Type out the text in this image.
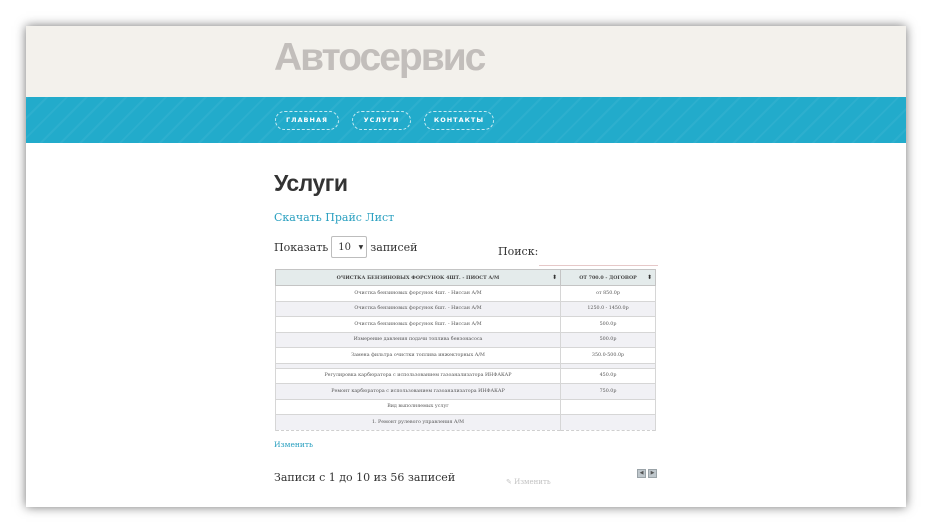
Автосервис
ГЛАВНАЯ	УСЛУГИ	КОНТАКТЫ
Услуги
Скачать Прайс Лист
Показать	10 ▼ записей	Поиск:
ОЧИСТКА БЕНЗИНОВЫХ ФОРСУНОК 4ШТ. - ПИОСТ А/М ⬍	ОТ 700.0 - ДОГОВОР ⬍

Очистка бензиновых форсунок 4шт. - Ниссан А/М	от 850.0р
Очистка бензиновых форсунок 6шт. - Ниссан А/М	1250.0 - 1450.0р
Очистка бензиновых форсунок 8шт. - Ниссан А/М	500.0р
Измерение давления подачи топлива бензонасоса	500.0р
Замена фильтра очистки топлива инжекторных А/М	350.0-500.0р

Регулировка карбюратора с использованием газоанализатора ИНФАКАР	450.0р
Ремонт карбюратора с использованием газоанализатора ИНФАКАР	750.0р
Вид выполняемых услуг	
1. Ремонт рулевого управления А/М	
Изменить
Записи с 1 до 10 из 56 записей	✎ Изменить
◀	▶
